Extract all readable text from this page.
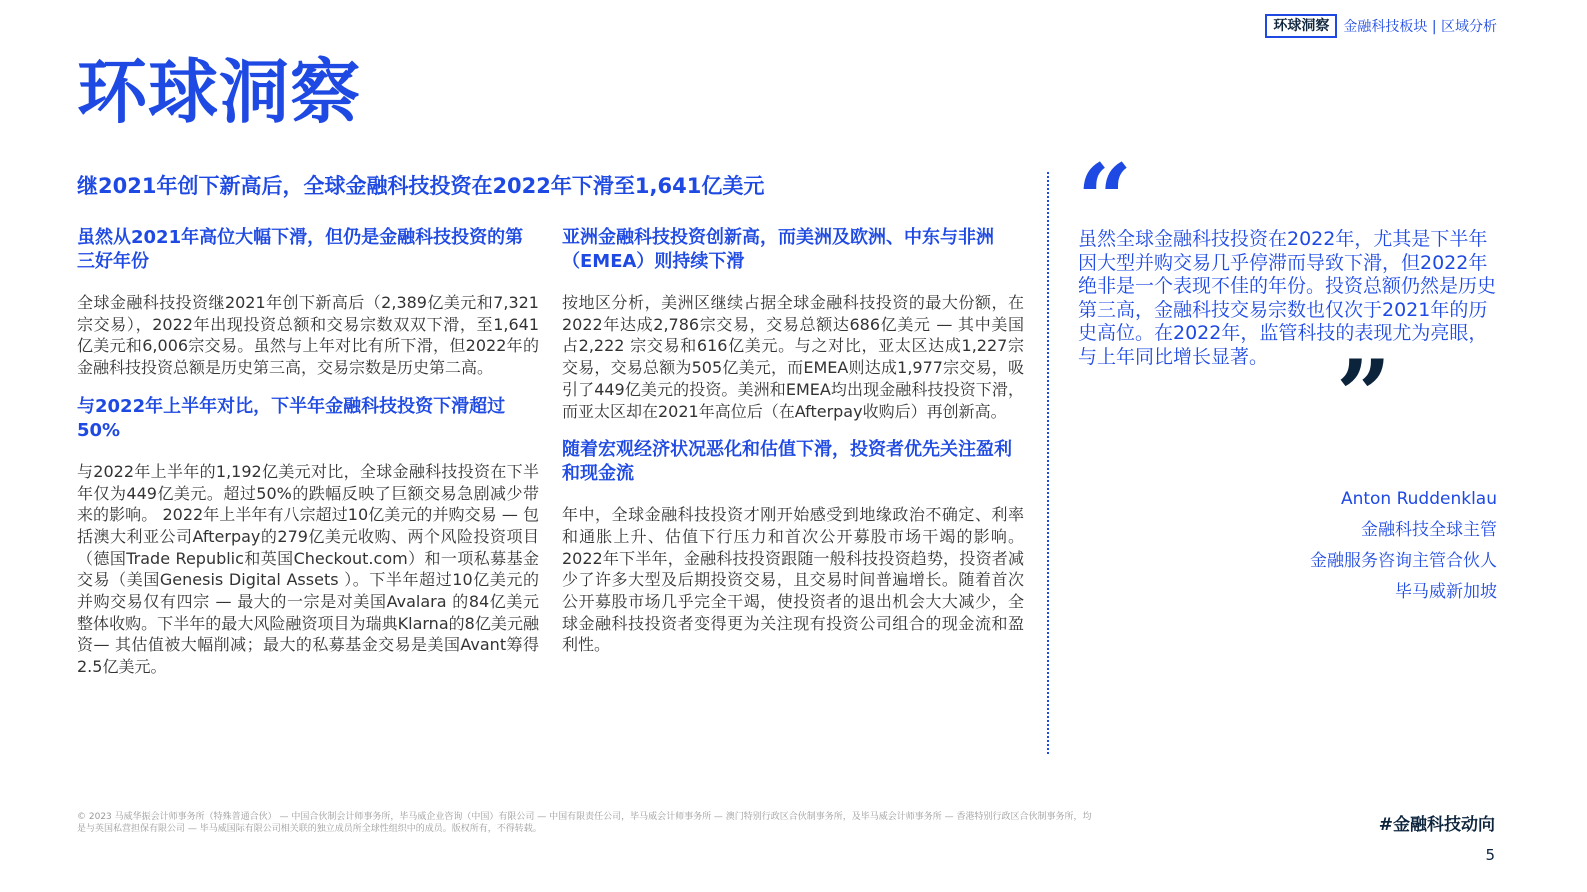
环球洞察	金融科技板块 | 区域分析
环球洞察
继2021年创下新高后，全球金融科技投资在2022年下滑至1,641亿美元
虽然从2021年高位大幅下滑，但仍是金融科技投资的第三好年份

全球金融科技投资继2021年创下新高后（2,389亿美元和7,321 宗交易），2022年出现投资总额和交易宗数双双下滑，至1,641亿美元和6,006宗交易。虽然与上年对比有所下滑，但2022年的金融科技投资总额是历史第三高，交易宗数是历史第二高。

与2022年上半年对比，下半年金融科技投资下滑超过50%

与2022年上半年的1,192亿美元对比，全球金融科技投资在下半年仅为449亿美元。超过50%的跌幅反映了巨额交易急剧减少带来的影响。 2022年上半年有八宗超过10亿美元的并购交易 — 包括澳大利亚公司Afterpay的279亿美元收购、两个风险投资项目（德国Trade Republic和英国Checkout.com）和一项私募基金交易（美国Genesis Digital Assets ）。下半年超过10亿美元的并购交易仅有四宗 — 最大的一宗是对美国Avalara 的84亿美元整体收购。下半年的最大风险融资项目为瑞典Klarna的8亿美元融资— 其估值被大幅削减；最大的私募基金交易是美国Avant筹得2.5亿美元。

亚洲金融科技投资创新高，而美洲及欧洲、中东与非洲（EMEA）则持续下滑

按地区分析，美洲区继续占据全球金融科技投资的最大份额，在2022年达成2,786宗交易，交易总额达686亿美元 — 其中美国占2,222 宗交易和616亿美元。与之对比，亚太区达成1,227宗交易，交易总额为505亿美元，而EMEA则达成1,977宗交易，吸引了449亿美元的投资。美洲和EMEA均出现金融科技投资下滑，而亚太区却在2021年高位后（在Afterpay收购后）再创新高。

随着宏观经济状况恶化和估值下滑，投资者优先关注盈利和现金流

年中，全球金融科技投资才刚开始感受到地缘政治不确定、利率和通胀上升、估值下行压力和首次公开募股市场干竭的影响。2022年下半年，金融科技投资跟随一般科技投资趋势，投资者减少了许多大型及后期投资交易，且交易时间普遍增长。随着首次公开募股市场几乎完全干竭，使投资者的退出机会大大减少，全球金融科技投资者变得更为关注现有投资公司组合的现金流和盈利性。

“

虽然全球金融科技投资在2022年，尤其是下半年因大型并购交易几乎停滞而导致下滑，但2022年绝非是一个表现不佳的年份。投资总额仍然是历史第三高，金融科技交易宗数也仅次于2021年的历史高位。在2022年，监管科技的表现尤为亮眼，与上年同比增长显著。 ”
Anton Ruddenklau
金融科技全球主管
金融服务咨询主管合伙人
毕马威新加坡
© 2023 马威华振会计师事务所（特殊普通合伙） — 中国合伙制会计师事务所，毕马威企业咨询（中国）有限公司 — 中国有限责任公司，毕马威会计师事务所 — 澳门特别行政区合伙制事务所，及毕马威会计师事务所 — 香港特别行政区合伙制事务所，均是与英国私营担保有限公司 — 毕马威国际有限公司相关联的独立成员所全球性组织中的成员。版权所有，不得转载。	#金融科技动向
5
